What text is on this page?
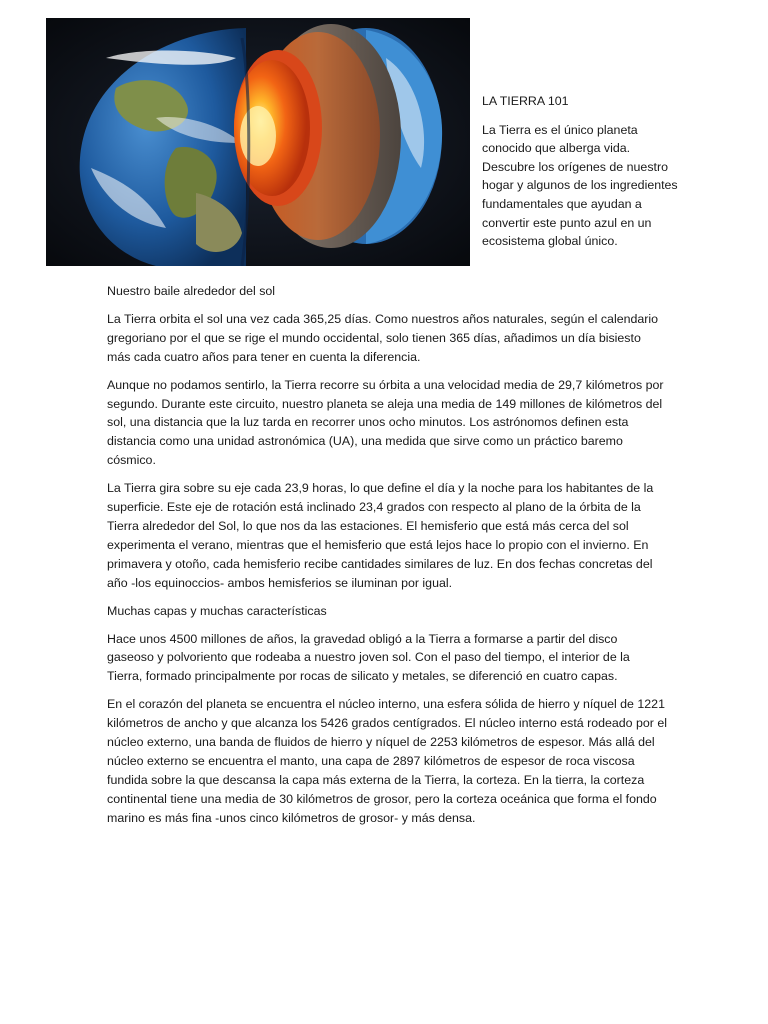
LA TIERRA 101

La Tierra es el único planeta conocido que alberga vida. Descubre los orígenes de nuestro hogar y algunos de los ingredientes fundamentales que ayudan a convertir este punto azul en un ecosistema global único.

Nuestro baile alrededor del sol

La Tierra orbita el sol una vez cada 365,25 días. Como nuestros años naturales, según el calendario gregoriano por el que se rige el mundo occidental, solo tienen 365 días, añadimos un día bisiesto más cada cuatro años para tener en cuenta la diferencia.

Aunque no podamos sentirlo, la Tierra recorre su órbita a una velocidad media de 29,7 kilómetros por segundo. Durante este circuito, nuestro planeta se aleja una media de 149 millones de kilómetros del sol, una distancia que la luz tarda en recorrer unos ocho minutos. Los astrónomos definen esta distancia como una unidad astronómica (UA), una medida que sirve como un práctico baremo cósmico.

La Tierra gira sobre su eje cada 23,9 horas, lo que define el día y la noche para los habitantes de la superficie. Este eje de rotación está inclinado 23,4 grados con respecto al plano de la órbita de la Tierra alrededor del Sol, lo que nos da las estaciones. El hemisferio que está más cerca del sol experimenta el verano, mientras que el hemisferio que está lejos hace lo propio con el invierno. En primavera y otoño, cada hemisferio recibe cantidades similares de luz. En dos fechas concretas del año -los equinoccios- ambos hemisferios se iluminan por igual.

Muchas capas y muchas características

Hace unos 4500 millones de años, la gravedad obligó a la Tierra a formarse a partir del disco gaseoso y polvoriento que rodeaba a nuestro joven sol. Con el paso del tiempo, el interior de la Tierra, formado principalmente por rocas de silicato y metales, se diferenció en cuatro capas.

En el corazón del planeta se encuentra el núcleo interno, una esfera sólida de hierro y níquel de 1221 kilómetros de ancho y que alcanza los 5426 grados centígrados. El núcleo interno está rodeado por el núcleo externo, una banda de fluidos de hierro y níquel de 2253 kilómetros de espesor. Más allá del núcleo externo se encuentra el manto, una capa de 2897 kilómetros de espesor de roca viscosa fundida sobre la que descansa la capa más externa de la Tierra, la corteza. En la tierra, la corteza continental tiene una media de 30 kilómetros de grosor, pero la corteza oceánica que forma el fondo marino es más fina -unos cinco kilómetros de grosor- y más densa.
